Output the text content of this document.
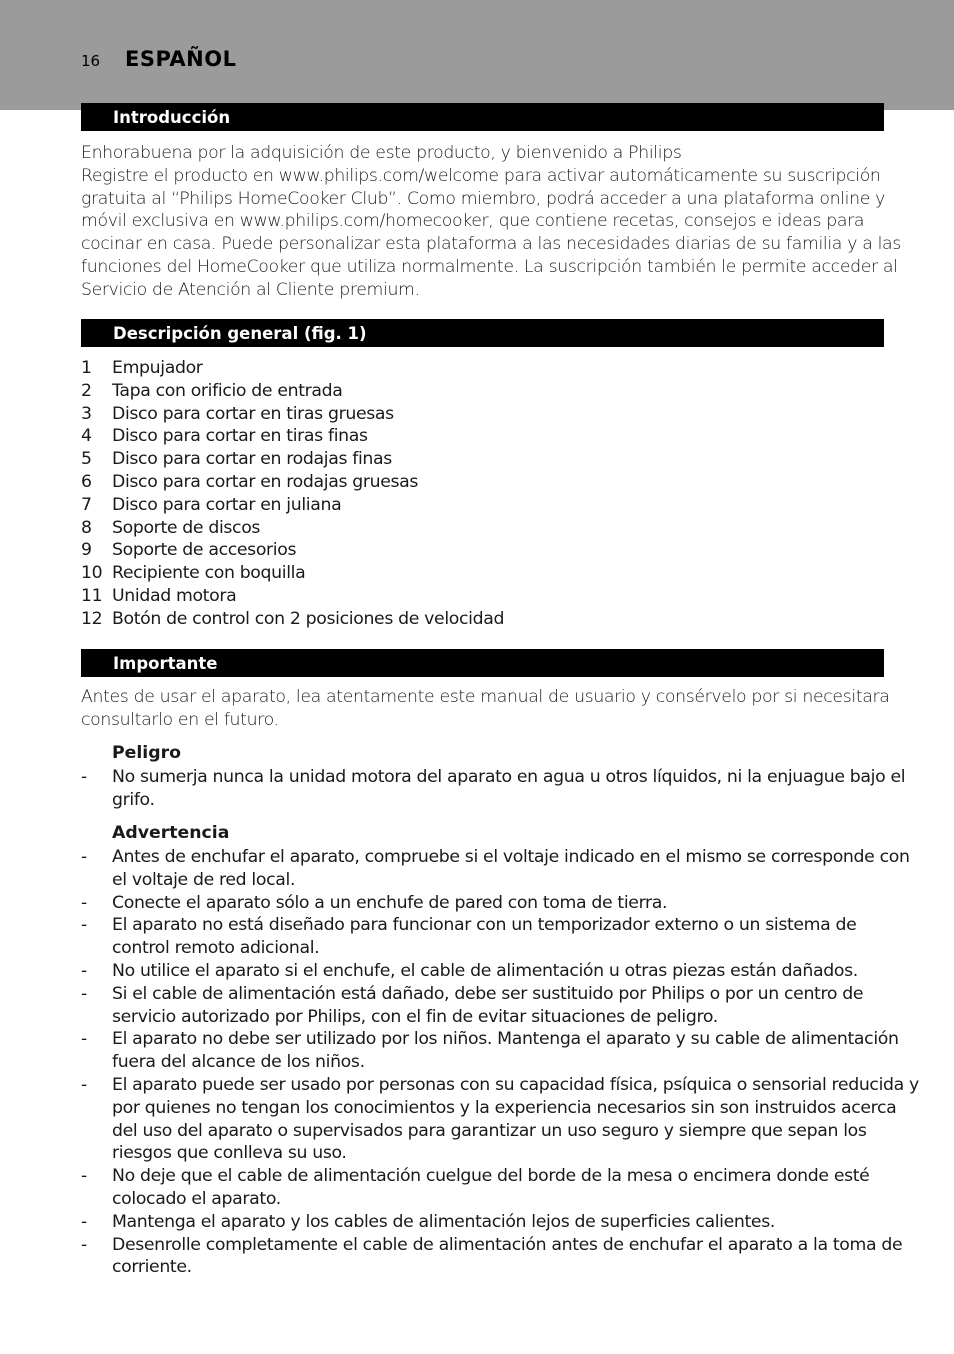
16 ESPAÑOL
Introducción
Enhorabuena por la adquisición de este producto, y bienvenido a Philips
Registre el producto en www.philips.com/welcome para activar automáticamente su suscripción
gratuita al “Philips HomeCooker Club”. Como miembro, podrá acceder a una plataforma online y
móvil exclusiva en www.philips.com/homecooker, que contiene recetas, consejos e ideas para
cocinar en casa. Puede personalizar esta plataforma a las necesidades diarias de su familia y a las
funciones del HomeCooker que utiliza normalmente. La suscripción también le permite acceder al
Servicio de Atención al Cliente premium.
Descripción general (fig. 1)
1 Empujador
2 Tapa con orificio de entrada
3 Disco para cortar en tiras gruesas
4 Disco para cortar en tiras finas
5 Disco para cortar en rodajas finas
6 Disco para cortar en rodajas gruesas
7 Disco para cortar en juliana
8 Soporte de discos
9 Soporte de accesorios
10 Recipiente con boquilla
11 Unidad motora
12 Botón de control con 2 posiciones de velocidad
Importante
Antes de usar el aparato, lea atentamente este manual de usuario y consérvelo por si necesitara
consultarlo en el futuro.
Peligro
-	No sumerja nunca la unidad motora del aparato en agua u otros líquidos, ni la enjuague bajo el
grifo.
Advertencia
-	Antes de enchufar el aparato, compruebe si el voltaje indicado en el mismo se corresponde con
el voltaje de red local.
-	Conecte el aparato sólo a un enchufe de pared con toma de tierra.
-	El aparato no está diseñado para funcionar con un temporizador externo o un sistema de
control remoto adicional.
-	No utilice el aparato si el enchufe, el cable de alimentación u otras piezas están dañados.
-	Si el cable de alimentación está dañado, debe ser sustituido por Philips o por un centro de
servicio autorizado por Philips, con el fin de evitar situaciones de peligro.
-	El aparato no debe ser utilizado por los niños. Mantenga el aparato y su cable de alimentación
fuera del alcance de los niños.
-	El aparato puede ser usado por personas con su capacidad física, psíquica o sensorial reducida y
por quienes no tengan los conocimientos y la experiencia necesarios sin son instruidos acerca
del uso del aparato o supervisados para garantizar un uso seguro y siempre que sepan los
riesgos que conlleva su uso.
-	No deje que el cable de alimentación cuelgue del borde de la mesa o encimera donde esté
colocado el aparato.
-	Mantenga el aparato y los cables de alimentación lejos de superficies calientes.
-	Desenrolle completamente el cable de alimentación antes de enchufar el aparato a la toma de
corriente.
